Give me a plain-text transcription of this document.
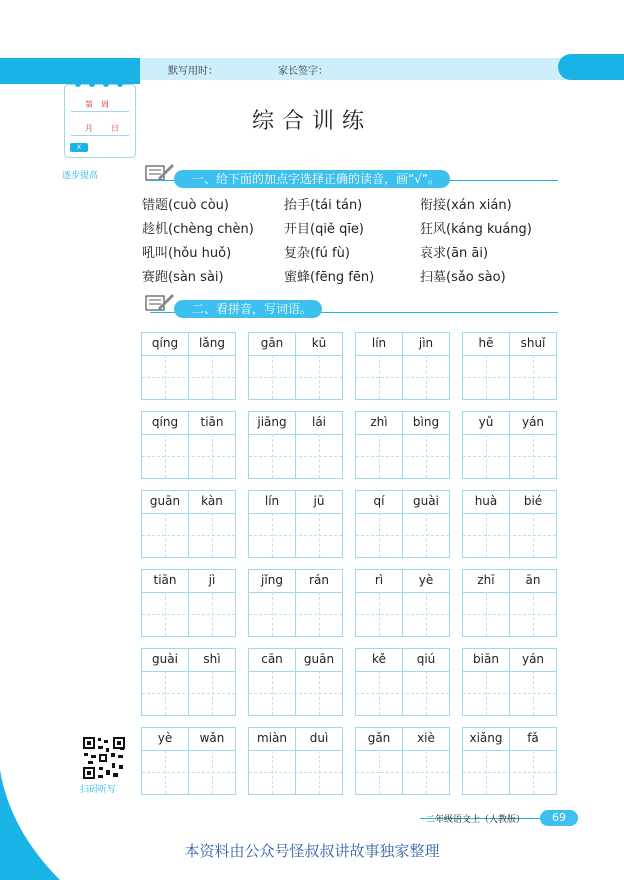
默写用时：	家长签字：
第　周
月 日
X
逐步提高
综合训练
一、给下面的加点字选择正确的读音，画“√”。
错题(cuò còu)	抬手(tái tán)	衔接(xán xián)
趁机(chèng chèn) 开目(qiě qīe)	狂风(káng kuáng)
吼叫(hǒu huǒ)	复杂(fú fù)	哀求(ān āi)
赛跑(sàn sài)	蜜蜂(fēng fēn)	扫墓(sǎo sào)
二、看拼音，写词语。
qíng	lǎng	gān	kū	lín	jìn	hē	shuǐ
qíng	tiān	jiāng	lái	zhì	bìng	yǔ	yán
guān	kàn	lín	jū	qí	guài	huà	bié
tiān	jì	jǐng	rán	rì	yè	zhī	ān
guài	shì	cān	guān	kě	qiú	biān	yán
yè	wǎn	miàn	duì	gǎn	xiè	xiǎng	fǎ
扫码听写
二年级语文上（人教版）	69
本资料由公众号怪叔叔讲故事独家整理
